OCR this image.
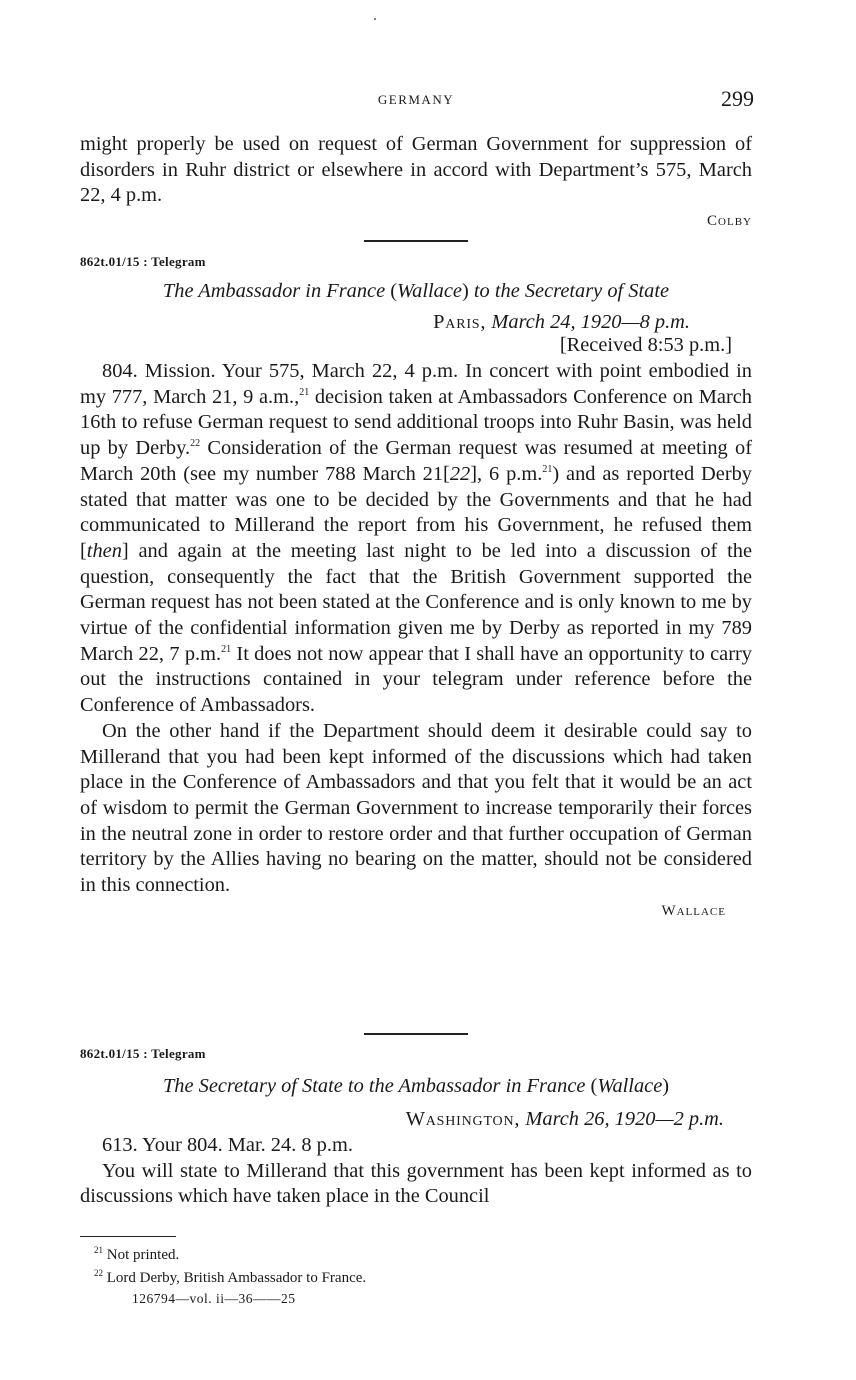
GERMANY	299

might properly be used on request of German Government for suppression of disorders in Ruhr district or elsewhere in accord with Department’s 575, March 22, 4 p.m.

Colby
862t.01/15 : Telegram
The Ambassador in France (Wallace) to the Secretary of State
Paris, March 24, 1920—8 p.m.
[Received 8:53 p.m.]

804. Mission. Your 575, March 22, 4 p.m. In concert with point embodied in my 777, March 21, 9 a.m.,$^{21}$ decision taken at Ambassadors Conference on March 16th to refuse German request to send additional troops into Ruhr Basin, was held up by Derby.$^{22}$ Consideration of the German request was resumed at meeting of March 20th (see my number 788 March 21[22], 6 p.m.$^{21}$) and as reported Derby stated that matter was one to be decided by the Governments and that he had communicated to Millerand the report from his Government, he refused them [then] and again at the meeting last night to be led into a discussion of the question, consequently the fact that the British Government supported the German request has not been stated at the Conference and is only known to me by virtue of the confidential information given me by Derby as reported in my 789 March 22, 7 p.m.$^{21}$ It does not now appear that I shall have an opportunity to carry out the instructions contained in your telegram under reference before the Conference of Ambassadors.

On the other hand if the Department should deem it desirable could say to Millerand that you had been kept informed of the discussions which had taken place in the Conference of Ambassadors and that you felt that it would be an act of wisdom to permit the German Government to increase temporarily their forces in the neutral zone in order to restore order and that further occupation of German territory by the Allies having no bearing on the matter, should not be considered in this connection.

Wallace
862t.01/15 : Telegram
The Secretary of State to the Ambassador in France (Wallace)
Washington, March 26, 1920—2 p.m.

613. Your 804. Mar. 24. 8 p.m.

You will state to Millerand that this government has been kept informed as to discussions which have taken place in the Council

$^{21}$ Not printed.
$^{22}$ Lord Derby, British Ambassador to France.
126794—vol. ii—36——25
